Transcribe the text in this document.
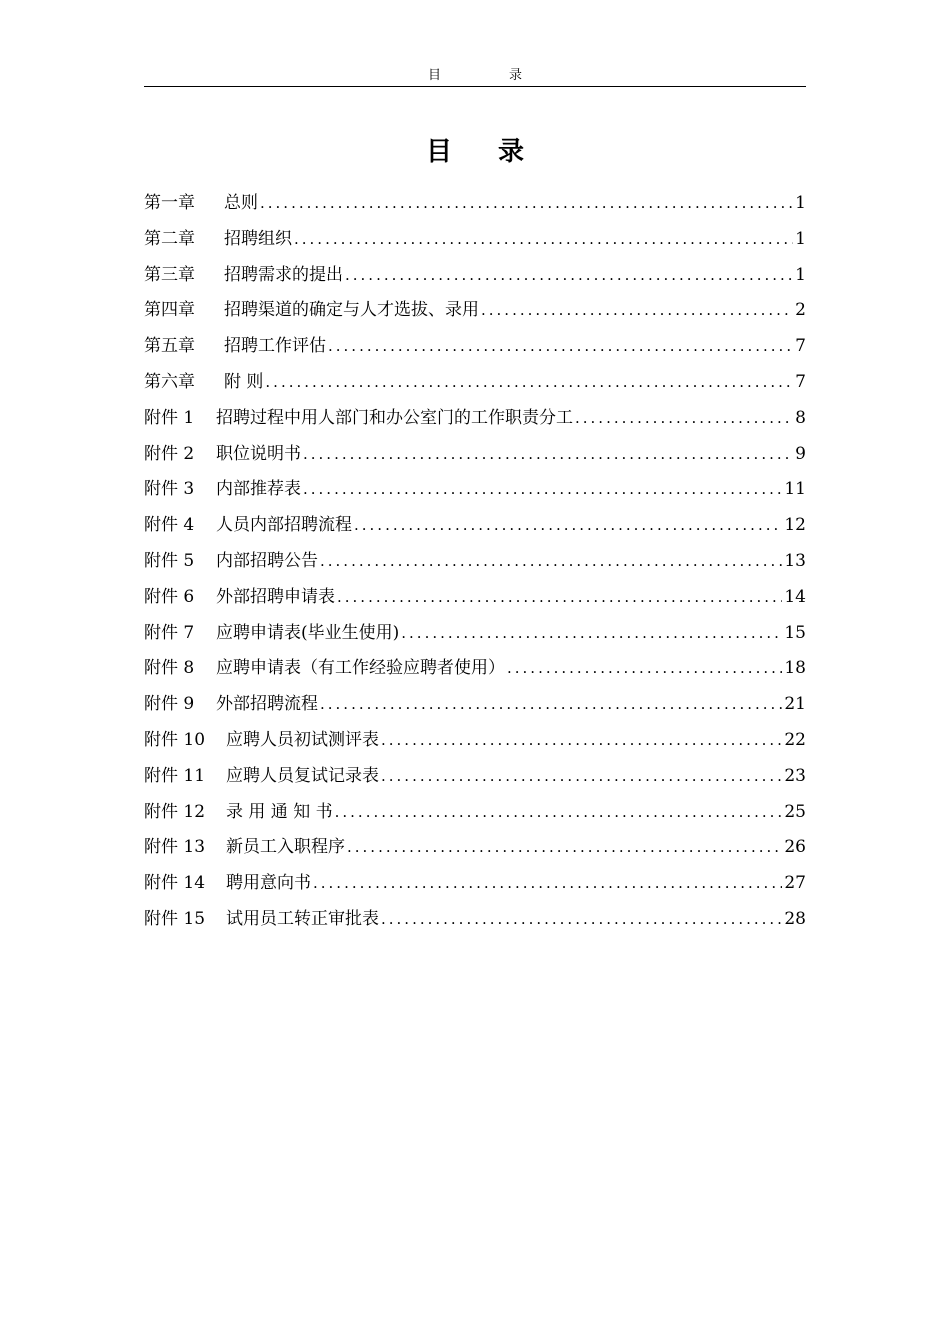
目录
目录
第一章	总则 .....	1
第二章	招聘组织 .....	1
第三章	招聘需求的提出 .....	1
第四章	招聘渠道的确定与人才选拔、录用 .....	2
第五章	招聘工作评估 .....	7
第六章	附 则 .....	7
附件 1	招聘过程中用人部门和办公室门的工作职责分工 .....	8
附件 2	职位说明书 .....	9
附件 3	内部推荐表 .....	11
附件 4	人员内部招聘流程 .....	12
附件 5	内部招聘公告 .....	13
附件 6	外部招聘申请表 .....	14
附件 7	应聘申请表(毕业生使用) .....	15
附件 8	应聘申请表（有工作经验应聘者使用） .....	18
附件 9	外部招聘流程 .....	21
附件 10	应聘人员初试测评表 .....	22
附件 11	应聘人员复试记录表 .....	23
附件 12	录 用 通 知 书 .....	25
附件 13	新员工入职程序 .....	26
附件 14	聘用意向书 .....	27
附件 15	试用员工转正审批表 .....	28
